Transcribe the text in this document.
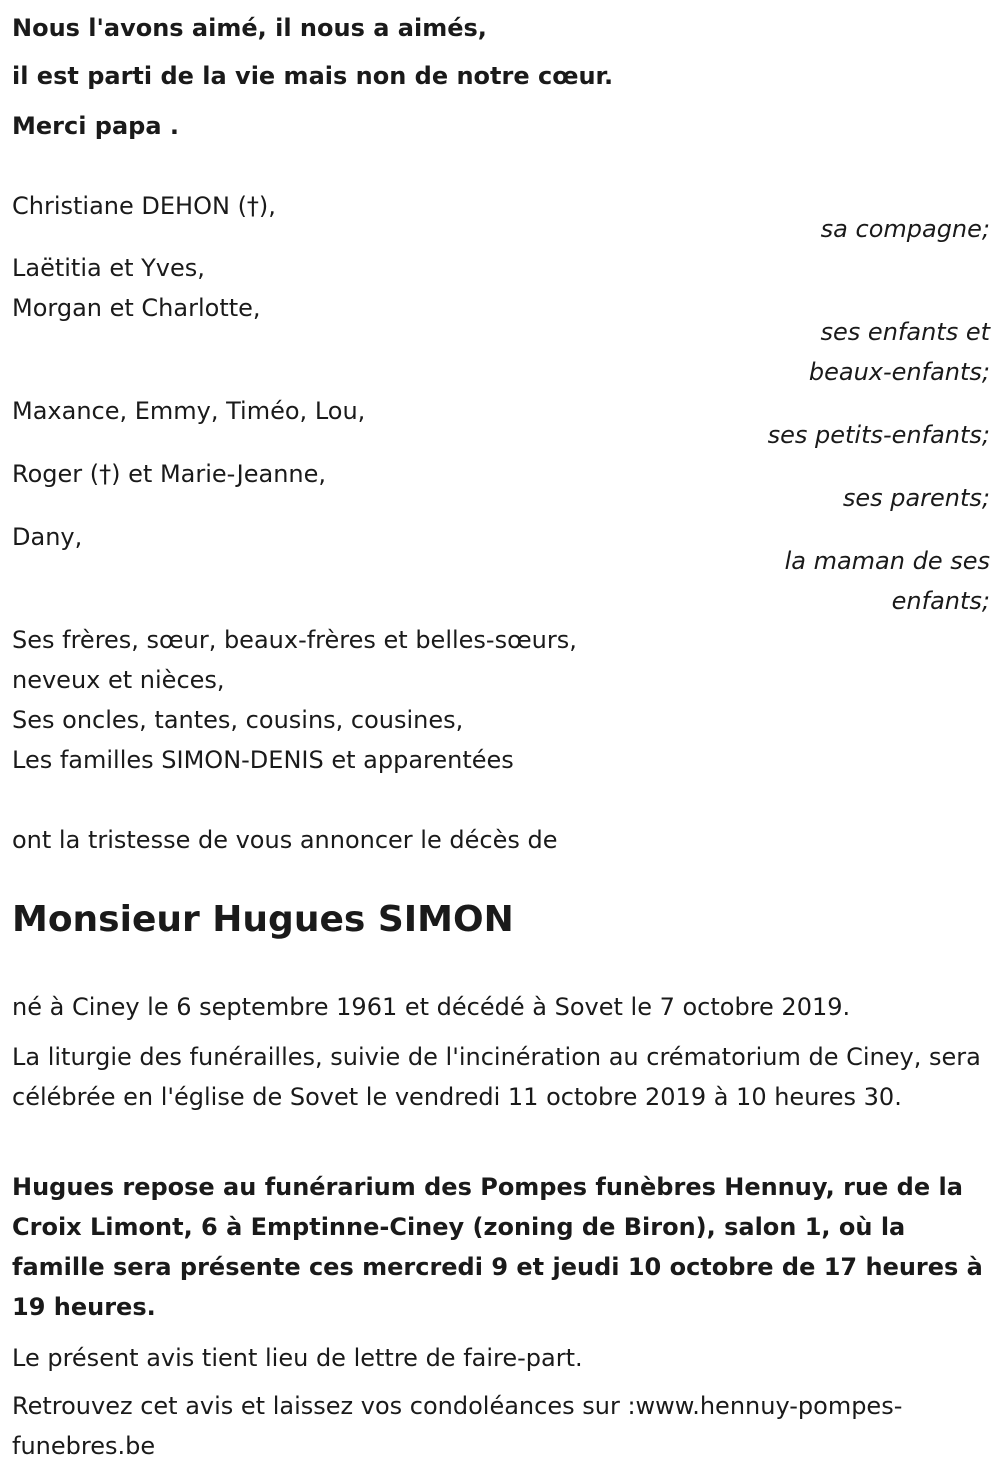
Nous l'avons aimé, il nous a aimés,
il est parti de la vie mais non de notre cœur.
Merci papa .
Christiane DEHON (†),
sa compagne;
Laëtitia et Yves,
Morgan et Charlotte,
ses enfants et
beaux-enfants;
Maxance, Emmy, Timéo, Lou,
ses petits-enfants;
Roger (†) et Marie-Jeanne,
ses parents;
Dany,
la maman de ses
enfants;
Ses frères, sœur, beaux-frères et belles-sœurs,
neveux et nièces,
Ses oncles, tantes, cousins, cousines,
Les familles SIMON-DENIS et apparentées
ont la tristesse de vous annoncer le décès de
Monsieur Hugues SIMON
né à Ciney le 6 septembre 1961 et décédé à Sovet le 7 octobre 2019.
La liturgie des funérailles, suivie de l'incinération au crématorium de Ciney, sera célébrée en l'église de Sovet le vendredi 11 octobre 2019 à 10 heures 30.
Hugues repose au funérarium des Pompes funèbres Hennuy, rue de la Croix Limont, 6 à Emptinne-Ciney (zoning de Biron), salon 1, où la famille sera présente ces mercredi 9 et jeudi 10 octobre de 17 heures à 19 heures.
Le présent avis tient lieu de lettre de faire-part.
Retrouvez cet avis et laissez vos condoléances sur :www.hennuy-pompes-funebres.be
